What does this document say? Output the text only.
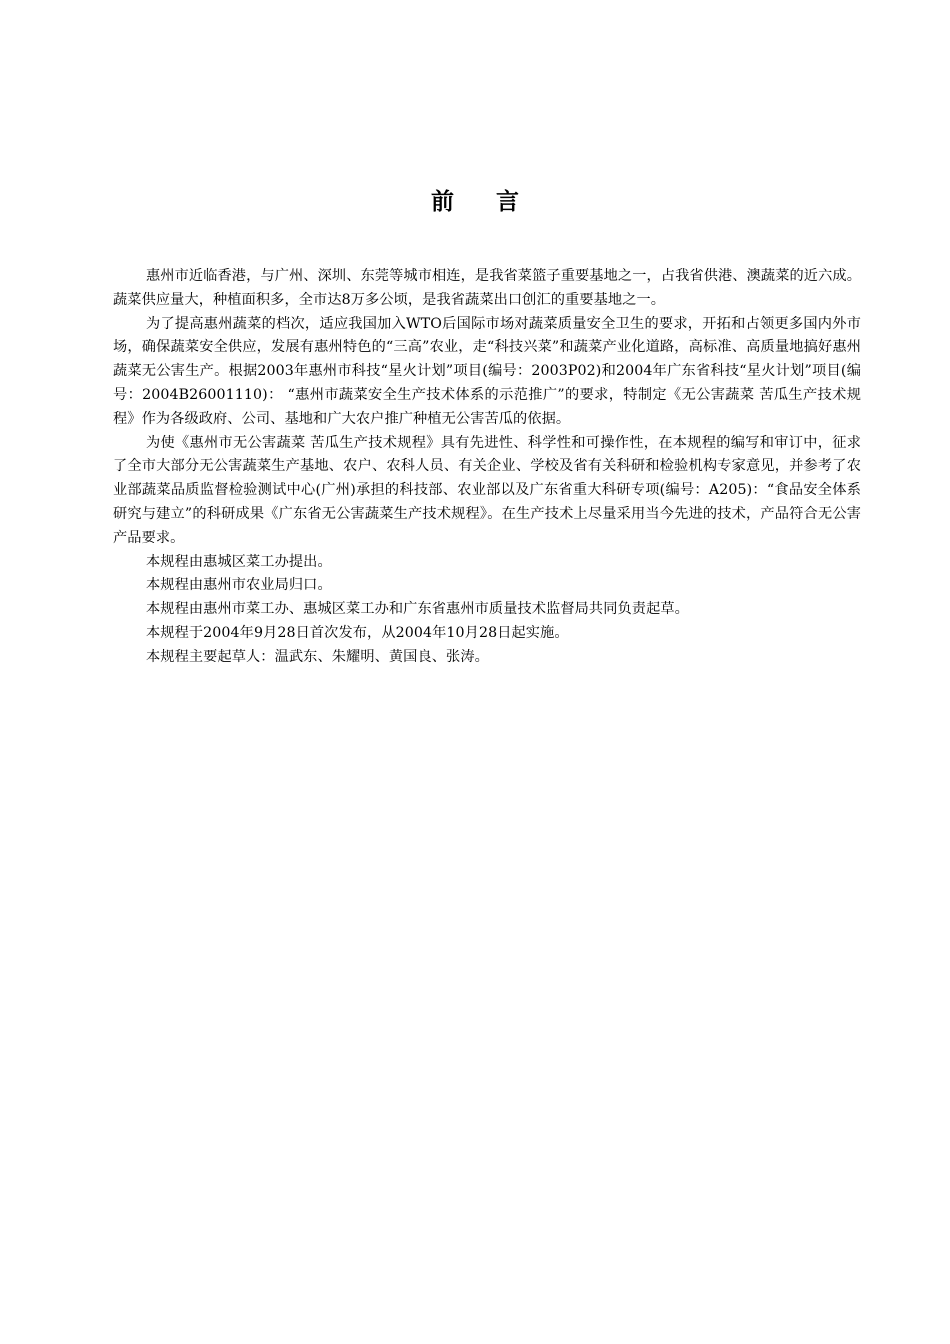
前言

惠州市近临香港，与广州、深圳、东莞等城市相连，是我省菜篮子重要基地之一，占我省供港、澳蔬菜的近六成。蔬菜供应量大，种植面积多，全市达8万多公顷，是我省蔬菜出口创汇的重要基地之一。

为了提高惠州蔬菜的档次，适应我国加入WTO后国际市场对蔬菜质量安全卫生的要求，开拓和占领更多国内外市场，确保蔬菜安全供应，发展有惠州特色的“三高”农业，走“科技兴菜”和蔬菜产业化道路，高标准、高质量地搞好惠州蔬菜无公害生产。根据2003年惠州市科技“星火计划”项目(编号：2003P02)和2004年广东省科技“星火计划”项目(编号：2004B26001110)： “惠州市蔬菜安全生产技术体系的示范推广”的要求，特制定《无公害蔬菜 苦瓜生产技术规程》作为各级政府、公司、基地和广大农户推广种植无公害苦瓜的依据。

为使《惠州市无公害蔬菜 苦瓜生产技术规程》具有先进性、科学性和可操作性，在本规程的编写和审订中，征求了全市大部分无公害蔬菜生产基地、农户、农科人员、有关企业、学校及省有关科研和检验机构专家意见，并参考了农业部蔬菜品质监督检验测试中心(广州)承担的科技部、农业部以及广东省重大科研专项(编号：A205)：“食品安全体系研究与建立”的科研成果《广东省无公害蔬菜生产技术规程》。在生产技术上尽量采用当今先进的技术，产品符合无公害产品要求。

本规程由惠城区菜工办提出。

本规程由惠州市农业局归口。

本规程由惠州市菜工办、惠城区菜工办和广东省惠州市质量技术监督局共同负责起草。

本规程于2004年9月28日首次发布，从2004年10月28日起实施。

本规程主要起草人：温武东、朱耀明、黄国良、张涛。
